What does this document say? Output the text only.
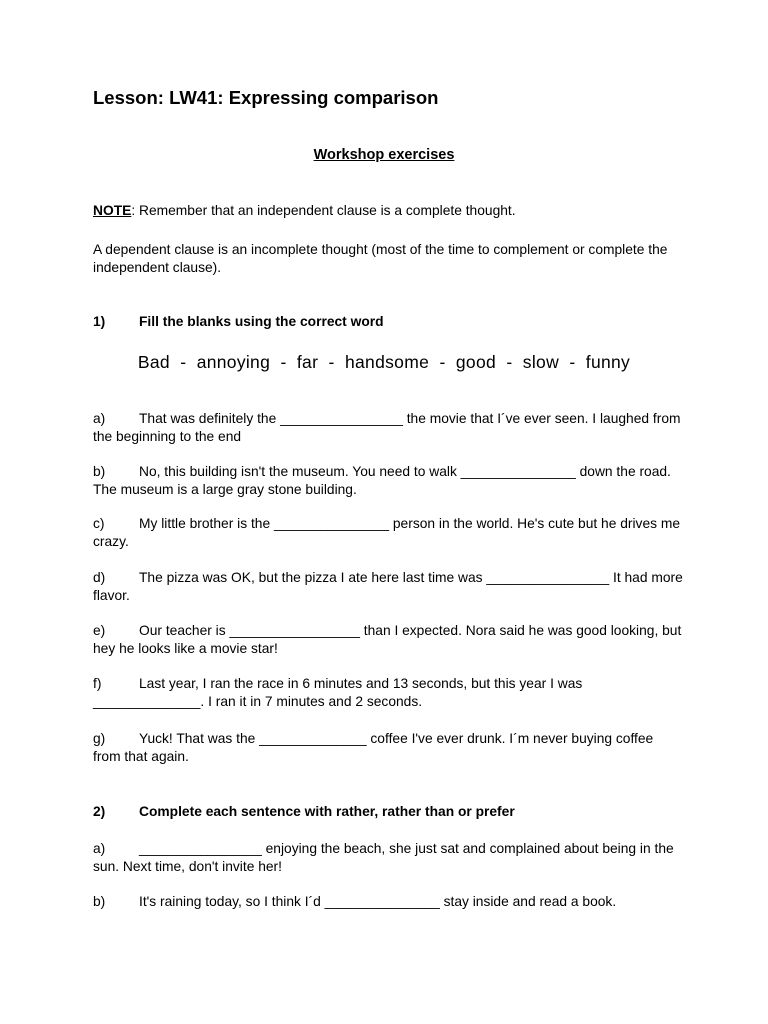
Lesson: LW41: Expressing comparison
Workshop exercises
NOTE: Remember that an independent clause is a complete thought.
A dependent clause is an incomplete thought (most of the time to complement or complete the independent clause).
1) Fill the blanks using the correct word
Bad  -  annoying  -  far  -  handsome  -  good  -  slow  -  funny
a) That was definitely the ________________ the movie that I´ve ever seen. I laughed from the beginning to the end
b) No, this building isn't the museum. You need to walk _______________ down the road. The museum is a large gray stone building.
c)	My little brother is the _______________ person in the world. He's cute but he drives me crazy.
d) The pizza was OK, but the pizza I ate here last time was ________________ It had more flavor.
e) Our teacher is _________________ than I expected. Nora said he was good looking, but hey he looks like a movie star!
f)	Last year, I ran the race in 6 minutes and 13 seconds, but this year I was ______________. I ran it in 7 minutes and 2 seconds.
g) Yuck! That was the ______________ coffee I've ever drunk. I´m never buying coffee from that again.
2) Complete each sentence with rather, rather than or prefer
a) ________________ enjoying the beach, she just sat and complained about being in the sun. Next time, don't invite her!
b) It's raining today, so I think I´d _______________ stay inside and read a book.
